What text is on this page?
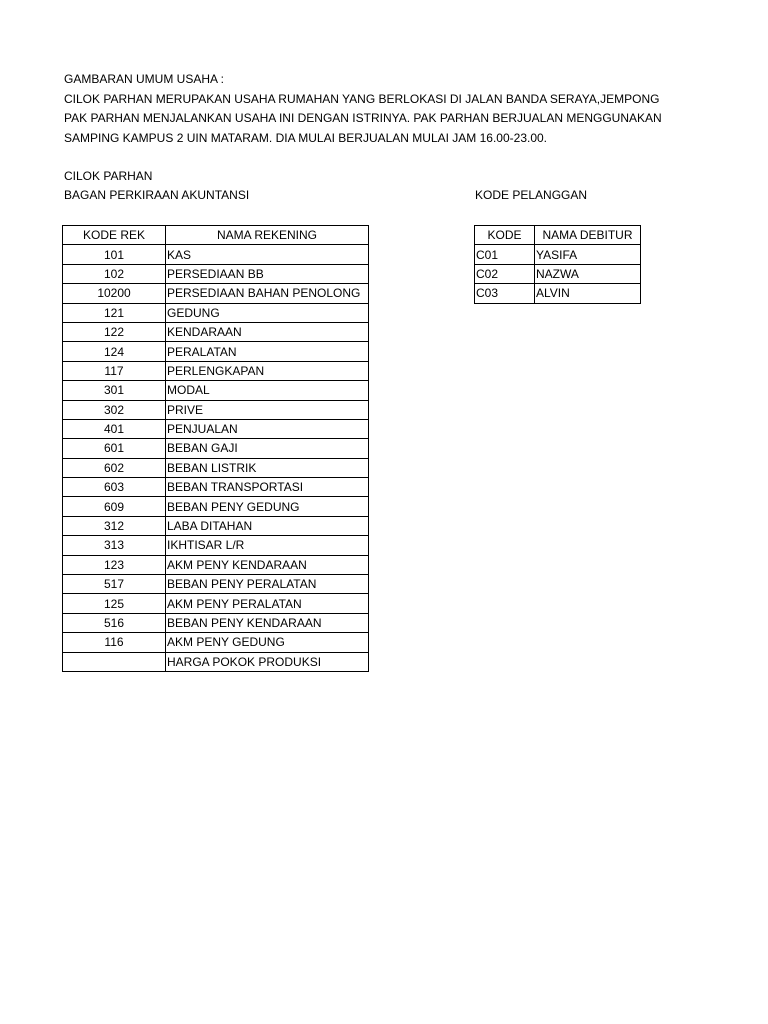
GAMBARAN UMUM USAHA :
CILOK PARHAN MERUPAKAN USAHA RUMAHAN YANG BERLOKASI DI JALAN BANDA SERAYA,JEMPONG
PAK PARHAN MENJALANKAN USAHA INI DENGAN ISTRINYA. PAK PARHAN BERJUALAN MENGGUNAKAN
SAMPING KAMPUS 2 UIN MATARAM. DIA MULAI BERJUALAN MULAI JAM 16.00-23.00.
CILOK PARHAN
BAGAN PERKIRAAN AKUNTANSI	KODE PELANGGAN
KODE REK	NAMA REKENING
101	KAS
102	PERSEDIAAN BB
10200	PERSEDIAAN BAHAN PENOLONG
121	GEDUNG
122	KENDARAAN
124	PERALATAN
117	PERLENGKAPAN
301	MODAL
302	PRIVE
401	PENJUALAN
601	BEBAN GAJI
602	BEBAN LISTRIK
603	BEBAN TRANSPORTASI
609	BEBAN PENY GEDUNG
312	LABA DITAHAN
313	IKHTISAR L/R
123	AKM PENY KENDARAAN
517	BEBAN PENY PERALATAN
125	AKM PENY PERALATAN
516	BEBAN PENY KENDARAAN
116	AKM PENY GEDUNG
	HARGA POKOK PRODUKSI
KODE	NAMA DEBITUR
C01	YASIFA
C02	NAZWA
C03	ALVIN
